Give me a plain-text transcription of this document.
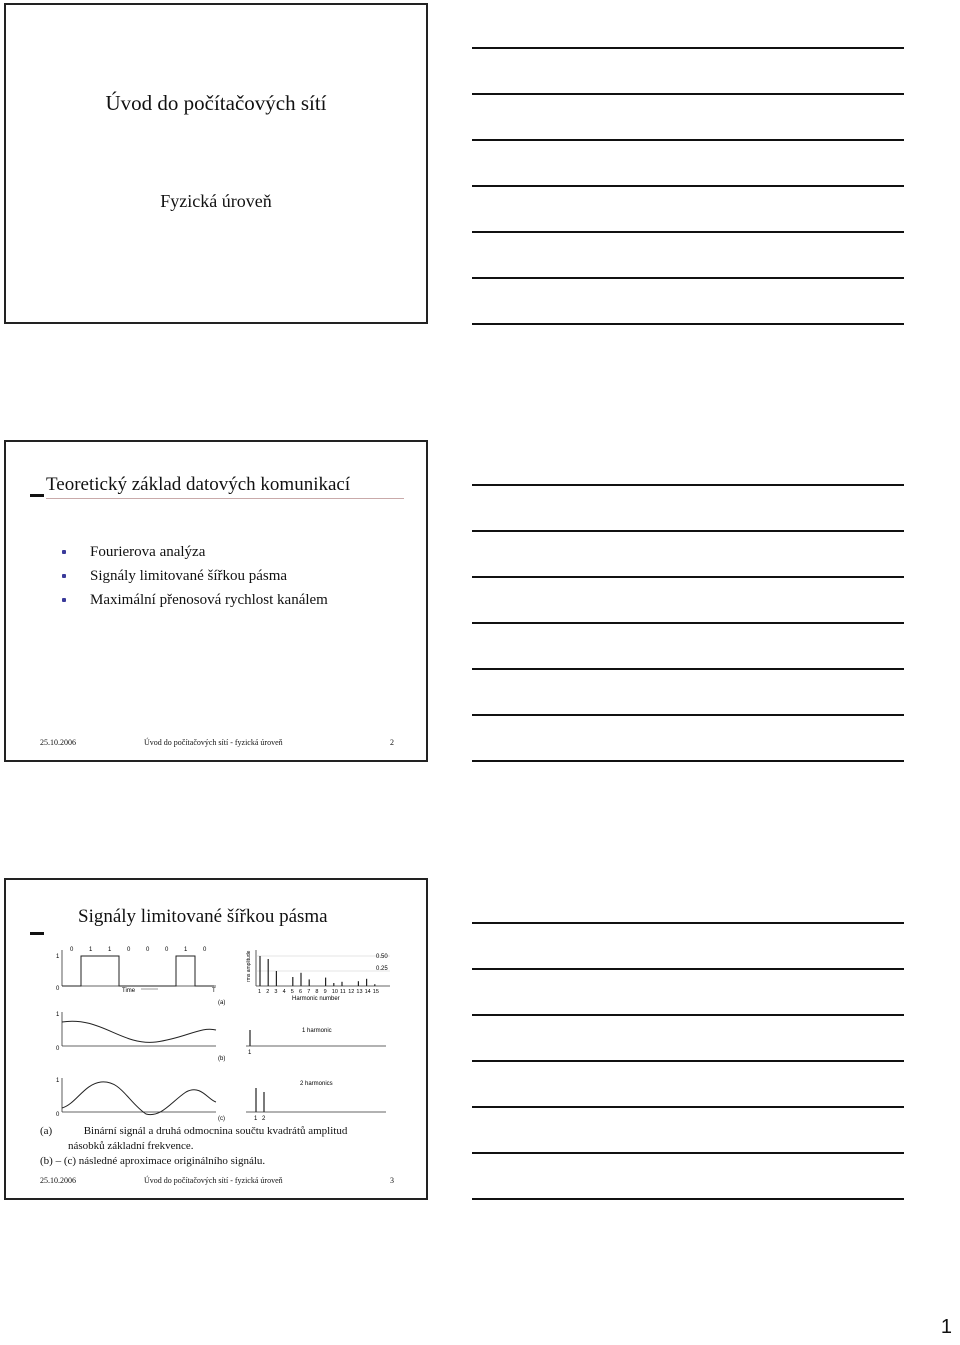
Úvod do počítačových sítí
Fyzická úroveň
Teoretický základ datových komunikací
Fourierova analýza
Signály limitované šířkou pásma
Maximální přenosová rychlost kanálem
25.10.2006	Úvod do počítačových sítí - fyzická úroveň	2
Signály limitované šířkou pásma
1
0
0	1	1	0	0	0	1	0
Time	T
(a)
rms amplitude	0.50
0.25
1 2 3 4 5 6 7 8 9 10 11 12 13 14 15
Harmonic number
1
0
(b)
1
1 harmonic
1
0
(c)	1 2
2 harmonics
(a)	Binární signál a druhá odmocnina součtu kvadrátů amplitud
násobků základní frekvence.
(b) – (c) následné aproximace originálního signálu.
25.10.2006	Úvod do počítačových sítí - fyzická úroveň	3
1
